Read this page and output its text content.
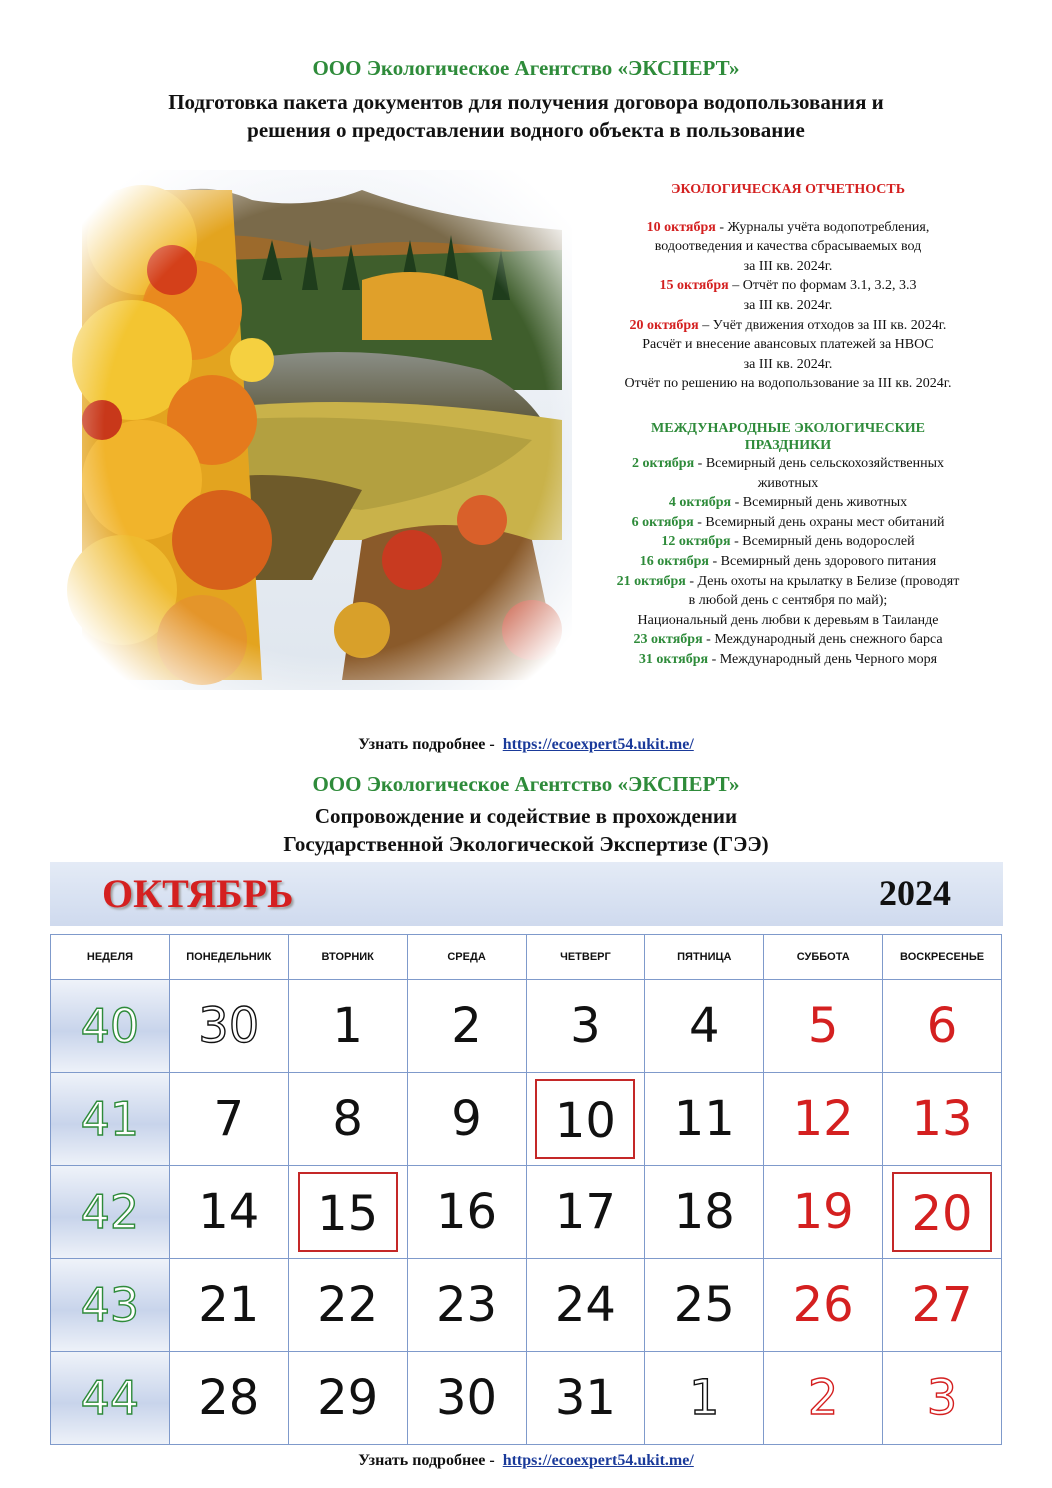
ООО Экологическое Агентство «ЭКСПЕРТ»
Подготовка пакета документов для получения договора водопользования и
решения о предоставлении водного объекта в пользование
ЭКОЛОГИЧЕСКАЯ ОТЧЕТНОСТЬ

10 октября - Журналы учёта водопотребления,

водоотведения и качества сбрасываемых вод

за III кв. 2024г.

15 октября – Отчёт по формам 3.1, 3.2, 3.3

за III кв. 2024г.

20 октября – Учёт движения отходов за III кв. 2024г.

Расчёт и внесение авансовых платежей за НВОС

за III кв. 2024г.

Отчёт по решению на водопользование за III кв. 2024г.

МЕЖДУНАРОДНЫЕ ЭКОЛОГИЧЕСКИЕ
ПРАЗДНИКИ

2 октября - Всемирный день сельскохозяйственных

животных

4 октября - Всемирный день животных

6 октября - Всемирный день охраны мест обитаний

12 октября - Всемирный день водорослей

16 октября - Всемирный день здорового питания

21 октября - День охоты на крылатку в Белизе (проводят

в любой день с сентября по май);

Национальный день любви к деревьям в Таиланде

23 октября - Международный день снежного барса

31 октября - Международный день Черного моря

Узнать подробнее - https://ecoexpert54.ukit.me/
ООО Экологическое Агентство «ЭКСПЕРТ»
Сопровождение и содействие в прохождении
Государственной Экологической Экспертизе (ГЭЭ)
ОКТЯБРЬ	2024
НЕДЕЛЯ	ПОНЕДЕЛЬНИК	ВТОРНИК	СРЕДА	ЧЕТВЕРГ	ПЯТНИЦА	СУББОТА	ВОСКРЕСЕНЬЕ
40	30	1	2	3	4	5	6
41	7	8	9	10	11	12	13
42	14	15	16	17	18	19	20
43	21	22	23	24	25	26	27
44	28	29	30	31	1	2	3
Узнать подробнее - https://ecoexpert54.ukit.me/
